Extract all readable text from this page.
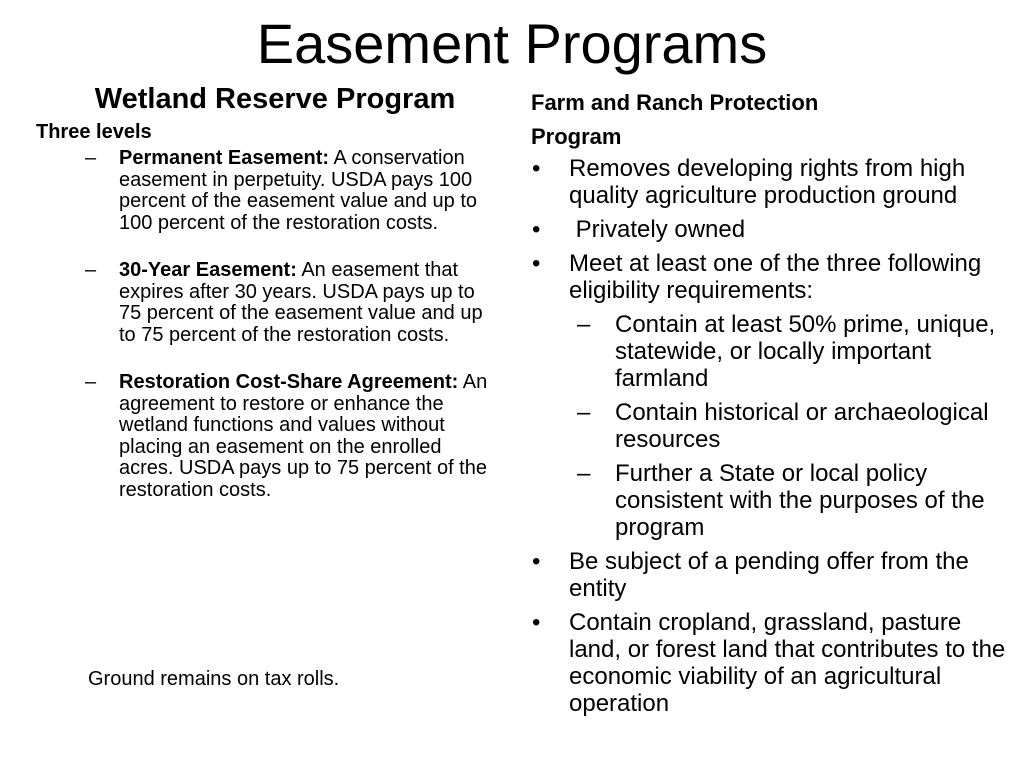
Easement Programs
Wetland Reserve Program
Three levels
– Permanent Easement: A conservation easement in perpetuity. USDA pays 100 percent of the easement value and up to 100 percent of the restoration costs.
– 30-Year Easement: An easement that expires after 30 years. USDA pays up to 75 percent of the easement value and up to 75 percent of the restoration costs.
– Restoration Cost-Share Agreement: An agreement to restore or enhance the wetland functions and values without placing an easement on the enrolled acres. USDA pays up to 75 percent of the restoration costs.
Ground remains on tax rolls.
Farm and Ranch Protection
Program
• Removes developing rights from high quality agriculture production ground
• Privately owned
• Meet at least one of the three following eligibility requirements:
– Contain at least 50% prime, unique, statewide, or locally important farmland
– Contain historical or archaeological resources
– Further a State or local policy consistent with the purposes of the program
• Be subject of a pending offer from the entity
• Contain cropland, grassland, pasture land, or forest land that contributes to the economic viability of an agricultural operation
